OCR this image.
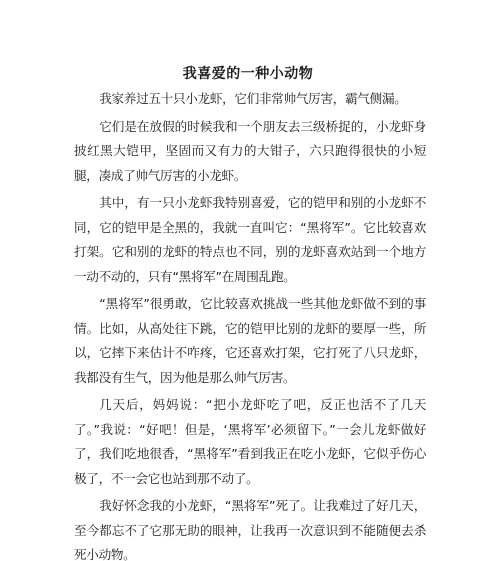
我喜爱的一种小动物

我家养过五十只小龙虾，它们非常帅气厉害，霸气侧漏。

它们是在放假的时候我和一个朋友去三级桥捉的，小龙虾身披红黑大铠甲，坚固而又有力的大钳子，六只跑得很快的小短腿，凑成了帅气厉害的小龙虾。

其中，有一只小龙虾我特别喜爱，它的铠甲和别的小龙虾不同，它的铠甲是全黑的，我就一直叫它：“黑将军”。它比较喜欢打架。它和别的龙虾的特点也不同，别的龙虾喜欢站到一个地方一动不动的，只有“黑将军”在周围乱跑。

“黑将军”很勇敢，它比较喜欢挑战一些其他龙虾做不到的事情。比如，从高处往下跳，它的铠甲比别的龙虾的要厚一些，所以，它摔下来估计不咋疼，它还喜欢打架，它打死了八只龙虾，我都没有生气，因为他是那么帅气厉害。

几天后，妈妈说：“把小龙虾吃了吧，反正也活不了几天了。”我说：“好吧！但是，‘黑将军’必须留下。”一会儿龙虾做好了，我们吃地很香，“黑将军”看到我正在吃小龙虾，它似乎伤心极了，不一会它也站到那不动了。

我好怀念我的小龙虾，“黑将军”死了。让我难过了好几天，至今都忘不了它那无助的眼神，让我再一次意识到不能随便去杀死小动物。
